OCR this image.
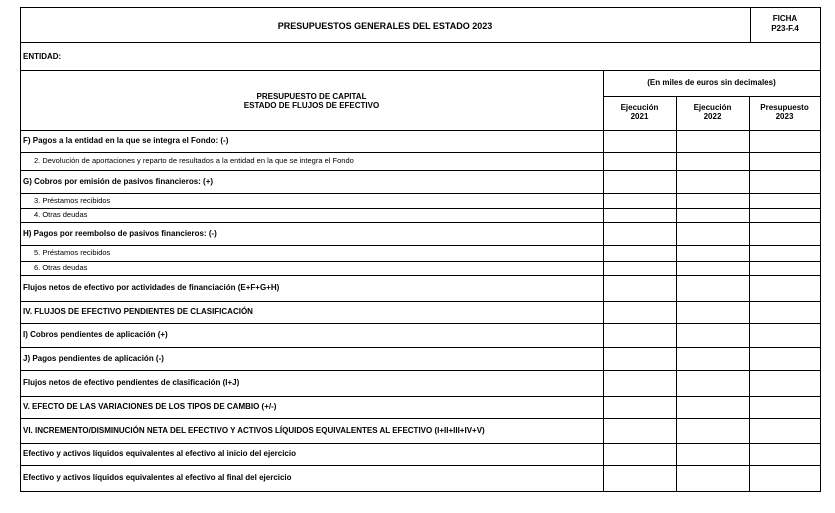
PRESUPUESTOS GENERALES DEL ESTADO 2023
FICHA
P23-F.4
ENTIDAD:
PRESUPUESTO DE CAPITAL
ESTADO DE FLUJOS DE EFECTIVO
(En miles de euros sin decimales)
Ejecución
2021
Ejecución
2022
Presupuesto
2023
F) Pagos a la entidad en la que se integra el Fondo: (-)
2. Devolución de aportaciones y reparto de resultados a la entidad en la que se integra el Fondo
G) Cobros por emisión de pasivos financieros: (+)
3. Préstamos recibidos
4. Otras deudas
H) Pagos por reembolso de pasivos financieros: (-)
5. Préstamos recibidos
6. Otras deudas
Flujos netos de efectivo por actividades de financiación (E+F+G+H)
IV. FLUJOS DE EFECTIVO PENDIENTES DE CLASIFICACIÓN
I) Cobros pendientes de aplicación (+)
J) Pagos pendientes de aplicación (-)
Flujos netos de efectivo pendientes de clasificación (I+J)
V. EFECTO DE LAS VARIACIONES DE LOS TIPOS DE CAMBIO (+/-)
VI. INCREMENTO/DISMINUCIÓN NETA DEL EFECTIVO Y ACTIVOS LÍQUIDOS EQUIVALENTES AL EFECTIVO (I+II+III+IV+V)
Efectivo y activos líquidos equivalentes al efectivo al inicio del ejercicio
Efectivo y activos líquidos equivalentes al efectivo al final del ejercicio
